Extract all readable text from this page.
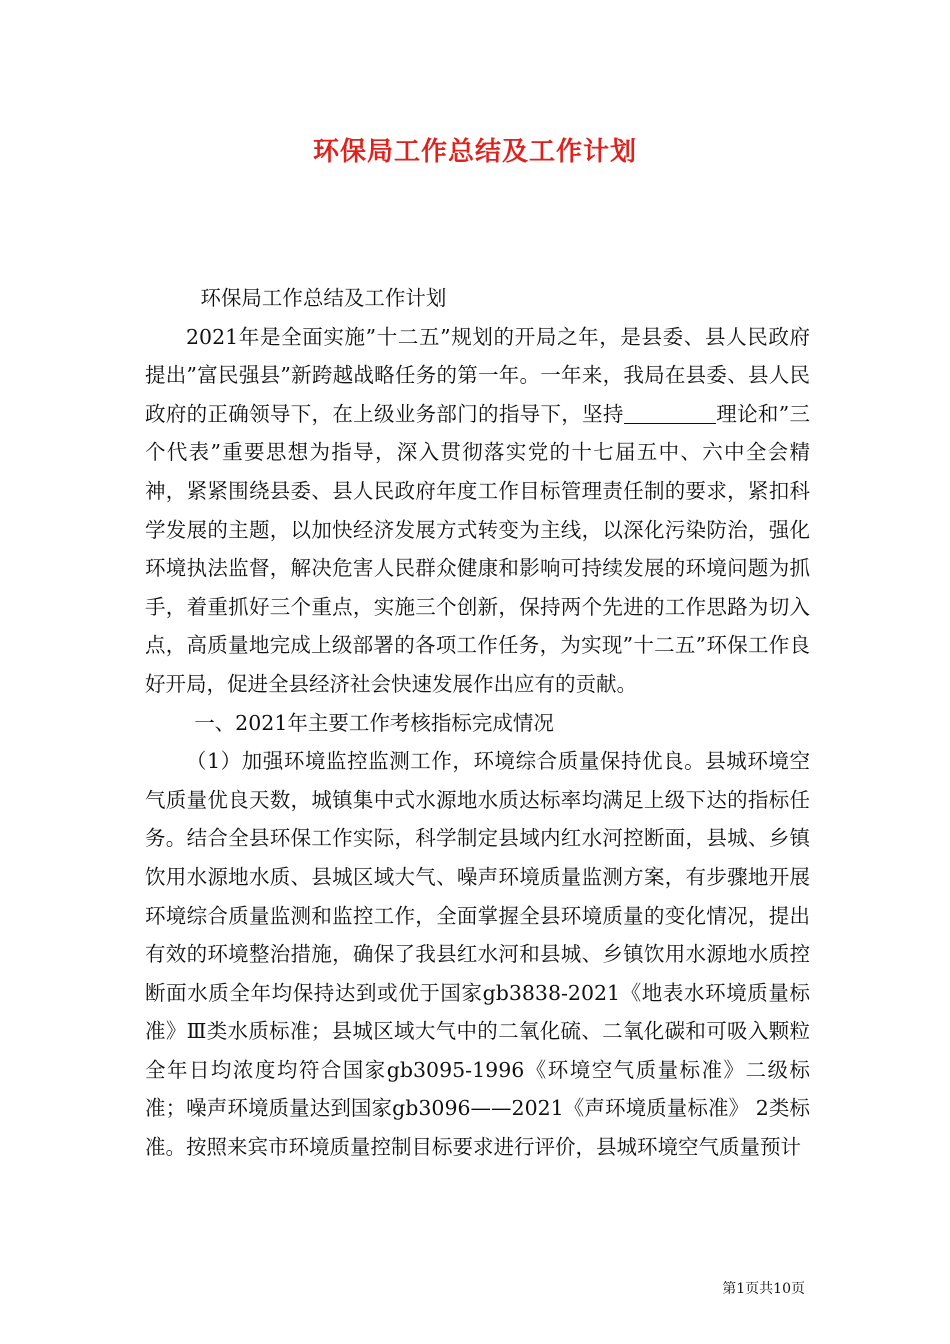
环保局工作总结及工作计划

环保局工作总结及工作计划

2021年是全面实施”十二五”规划的开局之年，是县委、县人民政府提出”富民强县”新跨越战略任务的第一年。一年来，我局在县委、县人民政府的正确领导下，在上级业务部门的指导下，坚持	理论和”三个代表”重要思想为指导，深入贯彻落实党的十七届五中、六中全会精神，紧紧围绕县委、县人民政府年度工作目标管理责任制的要求，紧扣科学发展的主题，以加快经济发展方式转变为主线，以深化污染防治，强化环境执法监督，解决危害人民群众健康和影响可持续发展的环境问题为抓手，着重抓好三个重点，实施三个创新，保持两个先进的工作思路为切入点，高质量地完成上级部署的各项工作任务，为实现”十二五”环保工作良好开局，促进全县经济社会快速发展作出应有的贡献。

一、2021年主要工作考核指标完成情况

（1）加强环境监控监测工作，环境综合质量保持优良。县城环境空气质量优良天数，城镇集中式水源地水质达标率均满足上级下达的指标任务。结合全县环保工作实际，科学制定县域内红水河控断面，县城、乡镇饮用水源地水质、县城区域大气、噪声环境质量监测方案，有步骤地开展环境综合质量监测和监控工作，全面掌握全县环境质量的变化情况，提出有效的环境整治措施，确保了我县红水河和县城、乡镇饮用水源地水质控断面水质全年均保持达到或优于国家gb3838-2021《地表水环境质量标准》Ⅲ类水质标准；县城区域大气中的二氧化硫、二氧化碳和可吸入颗粒全年日均浓度均符合国家gb3095-1996《环境空气质量标准》二级标准；噪声环境质量达到国家gb3096——2021《声环境质量标准》 2类标准。按照来宾市环境质量控制目标要求进行评价，县城环境空气质量预计

第1页共10页
